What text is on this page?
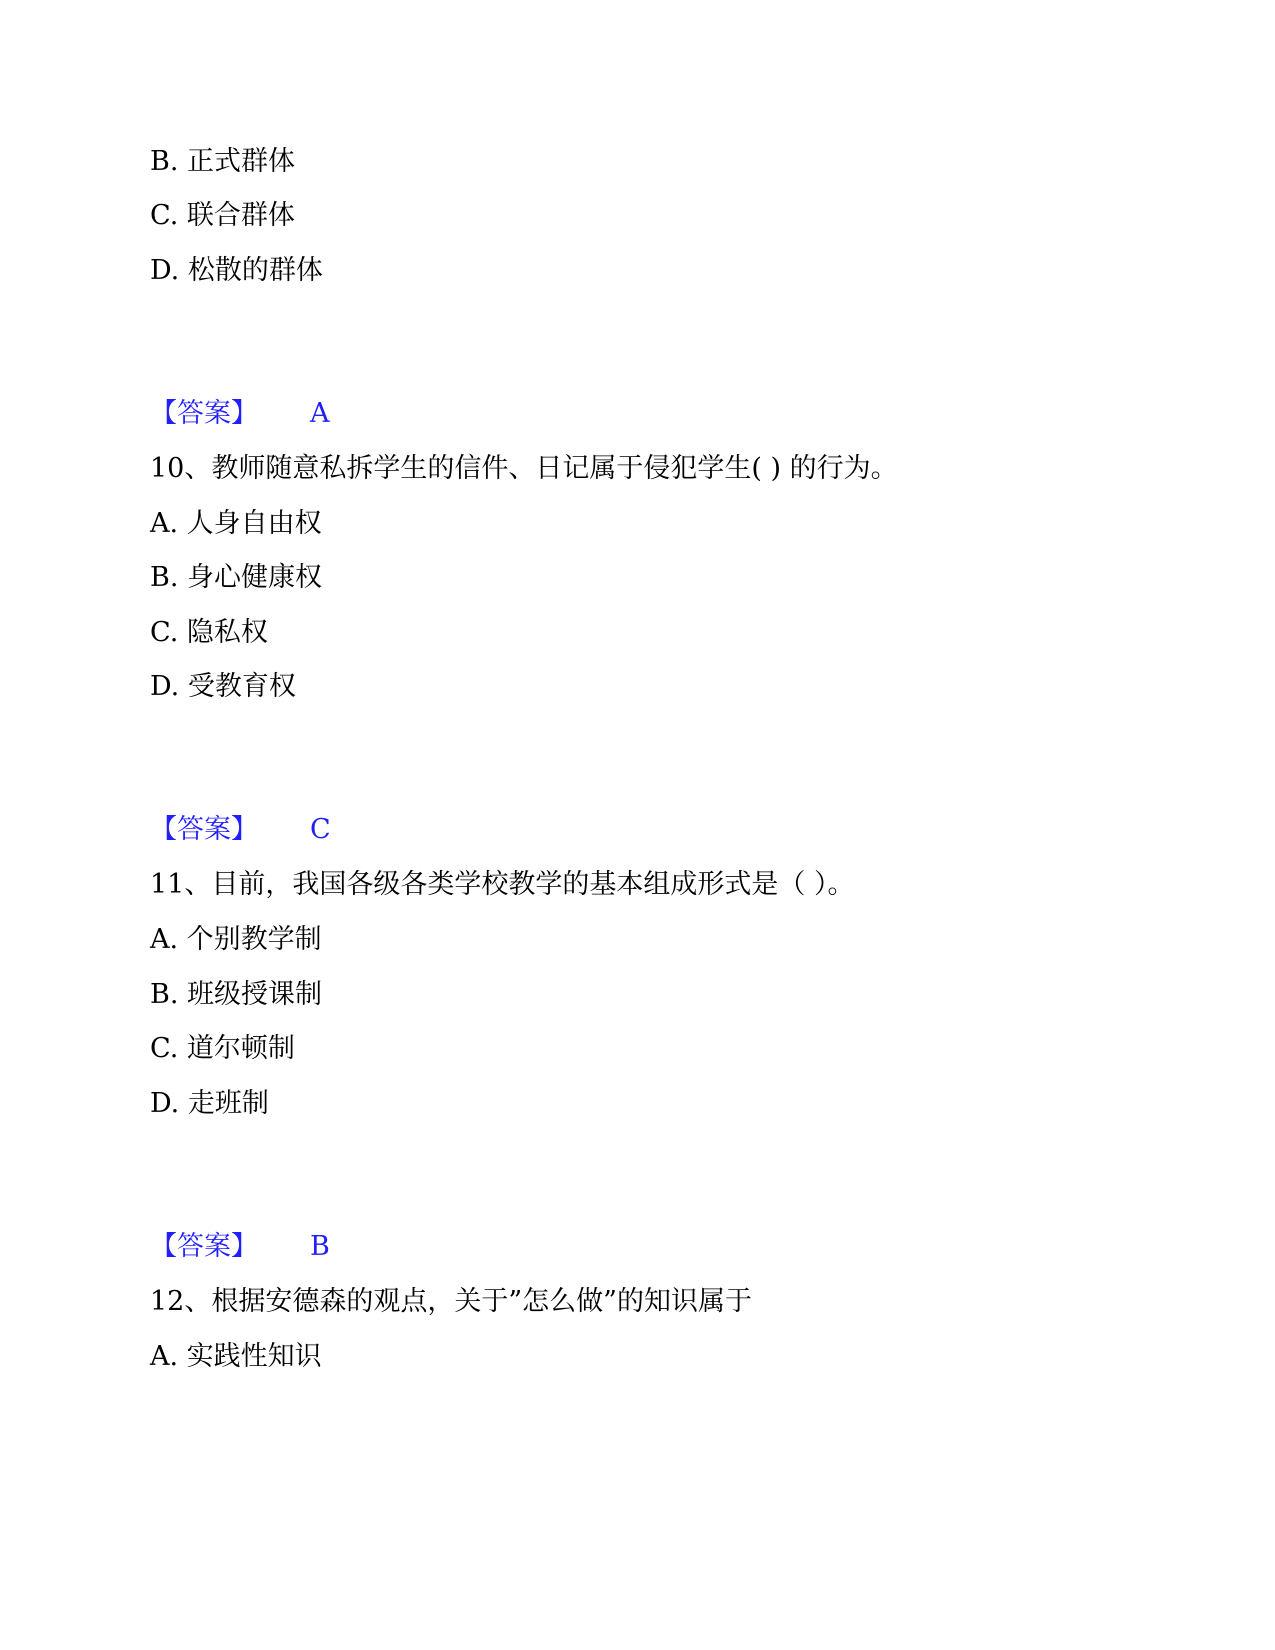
B. 正式群体
C. 联合群体
D. 松散的群体
【答案】 A
10、教师随意私拆学生的信件、日记属于侵犯学生( ) 的行为。
A. 人身自由权
B. 身心健康权
C. 隐私权
D. 受教育权
【答案】 C
11、目前，我国各级各类学校教学的基本组成形式是（ ）。
A. 个别教学制
B. 班级授课制
C. 道尔顿制
D. 走班制
【答案】 B
12、根据安德森的观点，关于”怎么做”的知识属于
A. 实践性知识
